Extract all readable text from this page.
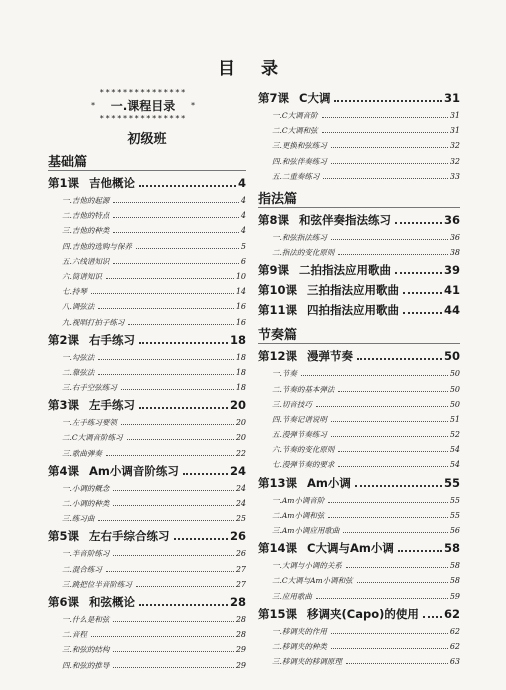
目 录
***************
* 一.课程目录 *
***************
初级班
基础篇
第1课 吉他概论	4
一.吉他的起源	4
二.吉他的特点	4
三.吉他的种类	4
四.吉他的选购与保养	5
五.六线谱知识	6
六.简谱知识	10
七.持琴	14
八.调弦法	16
九.视唱打拍子练习	16
第2课 右手练习	18
一.勾弦法	18
二.靠弦法	18
三.右手空弦练习	18
第3课 左手练习	20
一.左手练习要领	20
二.C大调音阶练习	20
三.歌曲弹奏	22
第4课 Am小调音阶练习	24
一.小调的概念	24
二.小调的种类	24
三.练习曲	25
第5课 左右手综合练习	26
一.半音阶练习	26
二.混合练习	27
三.跳把位半音阶练习	27
第6课 和弦概论	28
一.什么是和弦	28
二.音程	28
三.和弦的结构	29
四.和弦的推导	29
第7课 C大调	31
一.C大调音阶	31
二.C大调和弦	31
三.更换和弦练习	32
四.和弦伴奏练习	32
五.二重奏练习	33
指法篇
第8课 和弦伴奏指法练习	36
一.和弦指法练习	36
二.指法的变化原则	38
第9课 二拍指法应用歌曲	39
第10课 三拍指法应用歌曲	41
第11课 四拍指法应用歌曲	44
节奏篇
第12课 漫弹节奏	50
一.节奏	50
二.节奏的基本弹法	50
三.切音技巧	50
四.节奏记谱说明	51
五.漫弹节奏练习	52
六.节奏的变化原则	54
七.漫弹节奏的要求	54
第13课 Am小调	55
一.Am小调音阶	55
二.Am小调和弦	55
三.Am小调应用歌曲	56
第14课 C大调与Am小调	58
一.大调与小调的关系	58
二.C大调与Am小调和弦	58
三.应用歌曲	59
第15课 移调夹(Capo)的使用 62
一.移调夹的作用	62
二.移调夹的种类	62
三.移调夹的移调原理	63
